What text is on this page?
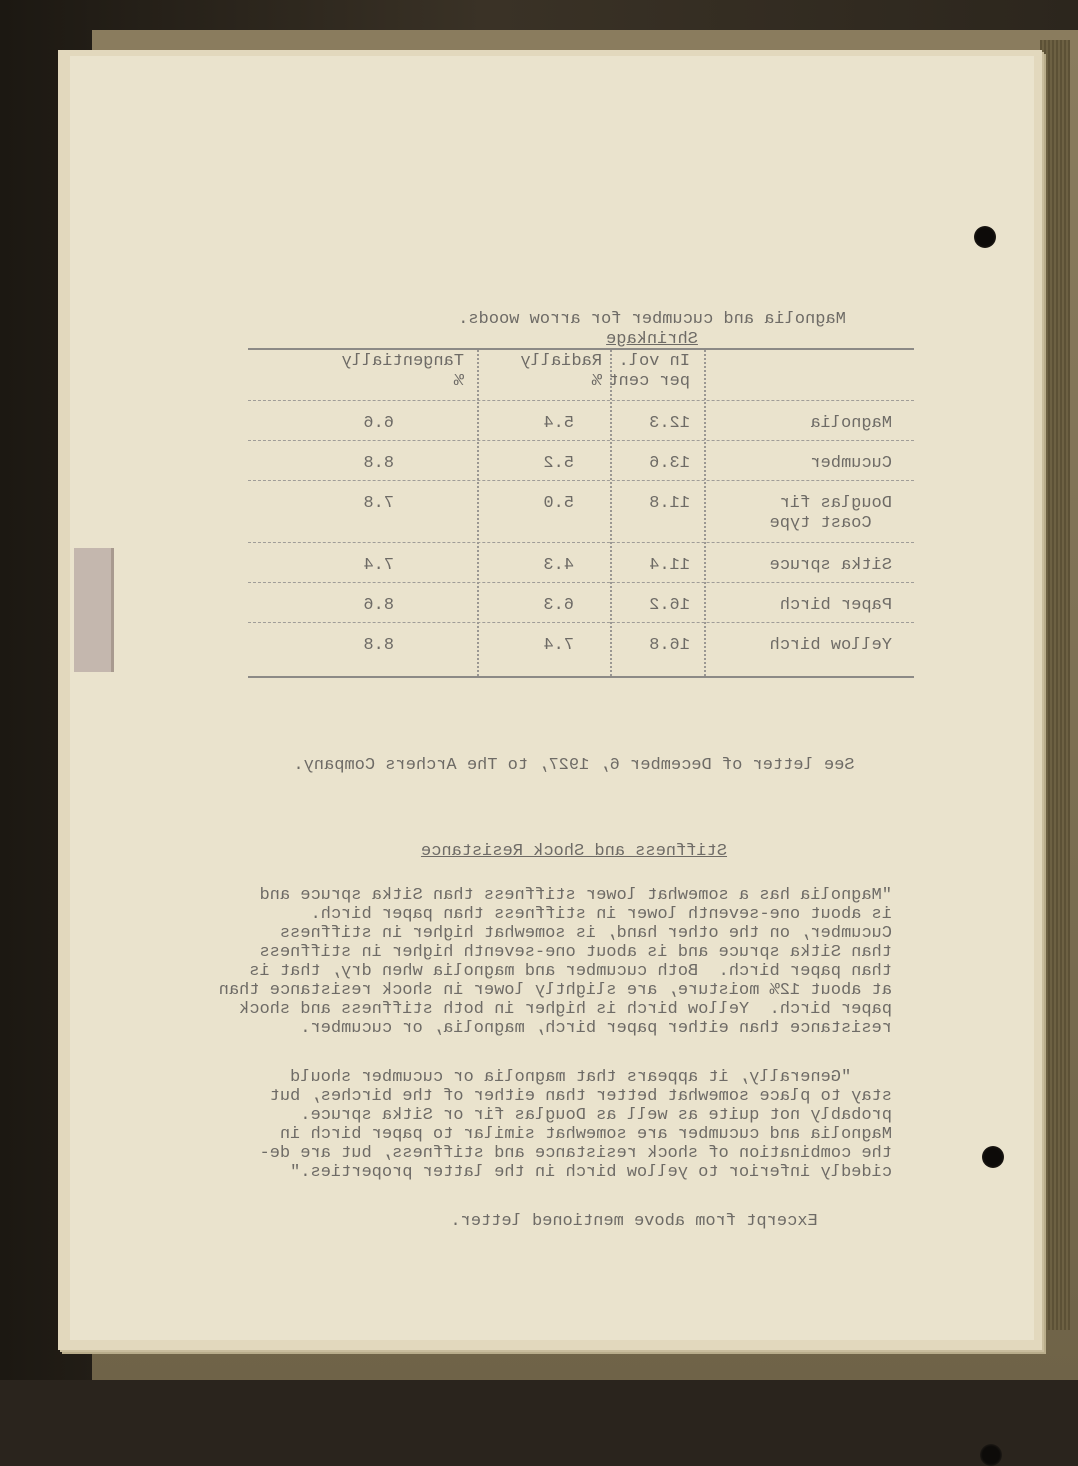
Magnolia and cucumber for arrow woods.
Shrinkage
In vol.
per cent
Radially
%
Tangentially
%
Magnolia
12.3
5.4
6.6
Cucumber
13.6
5.2
8.8
Douglas fir
Coast type
11.8
5.0
7.8
Sitka spruce
11.4
4.3
7.4
Paper birch
16.2
6.3
8.6
Yellow birch
16.8
7.4
8.8
See letter of December 6, 1927, to The Archers Company.
Stiffness and Shock Resistance
"Magnolia has a somewhat lower stiffness than Sitka spruce and
is about one-seventh lower in stiffness than paper birch.
Cucumber, on the other hand, is somewhat higher in stiffness
than Sitka spruce and is about one-seventh higher in stiffness
than paper birch.  Both cucumber and magnolia when dry, that is
at about 12% moisture, are slightly lower in shock resistance than
paper birch.  Yellow birch is higher in both stiffness and shock
resistance than either paper birch, magnolia, or cucumber.
"Generally, it appears that magnolia or cucumber should
stay to place somewhat better than either of the birches, but
probably not quite as well as Douglas fir or Sitka spruce.
Magnolia and cucumber are somewhat similar to paper birch in
the combination of shock resistance and stiffness, but are de-
cidedly inferior to yellow birch in the latter properties."
Excerpt from above mentioned letter.
